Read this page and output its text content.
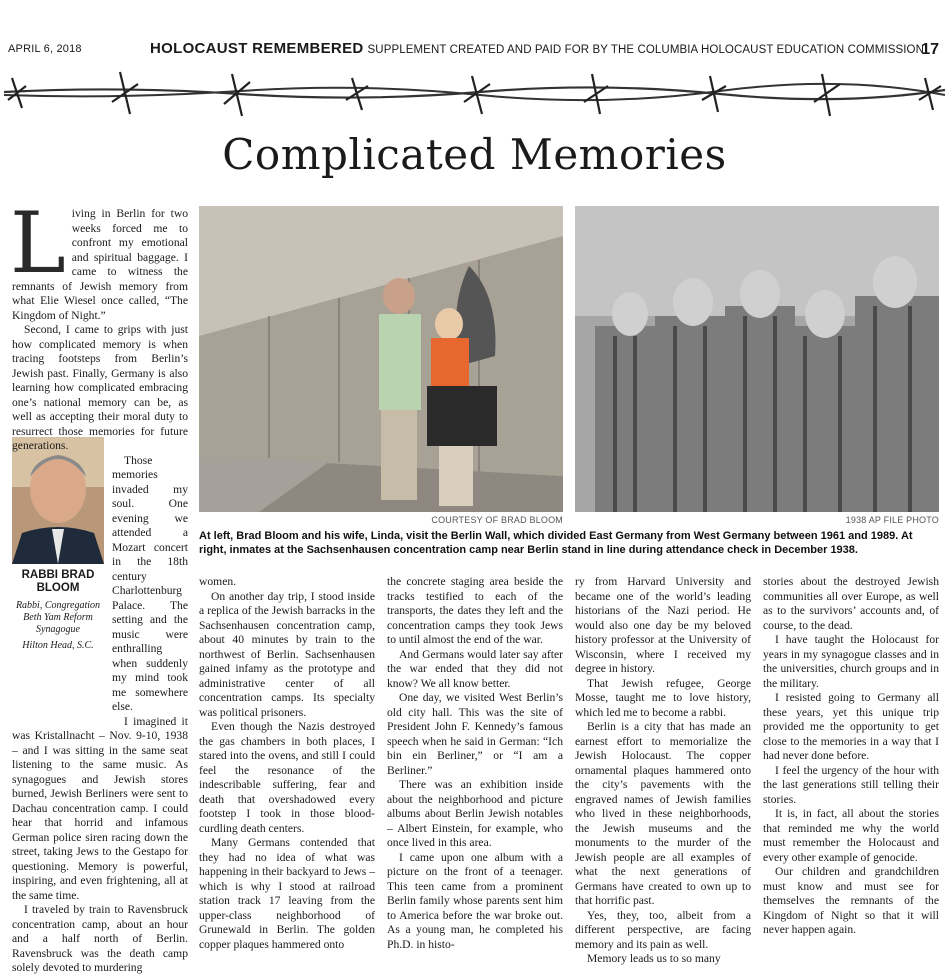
APRIL 6, 2018	HOLOCAUST REMEMBERED SUPPLEMENT CREATED AND PAID FOR BY THE COLUMBIA HOLOCAUST EDUCATION COMMISSION
17
Complicated Memories
COURTESY OF BRAD BLOOM	1938 AP FILE PHOTO
At left, Brad Bloom and his wife, Linda, visit the Berlin Wall, which divided East Germany from West Germany between 1961 and 1989. At right, inmates at the Sachsenhausen concentration camp near Berlin stand in line during attendance check in December 1938.
RABBI BRAD
BLOOM
Rabbi, Congregation Beth Yam Reform Synagogue
Hilton Head, S.C.

Living in Berlin for two weeks forced me to confront my emotional and spiritual baggage. I came to witness the remnants of Jewish memory from what Elie Wiesel once called, “The Kingdom of Night.”

Second, I came to grips with just how complicated memory is when tracing footsteps from Berlin’s Jewish past. Finally, Germany is also learning how complicated embracing one’s national memory can be, as well as accepting their moral duty to resurrect those memories for future generations.

Those memories invaded my soul. One evening we attended a Mozart concert in the 18th century Charlottenburg Palace. The setting and the music were enthralling when suddenly my mind took me somewhere else.

I imagined it was Kristallnacht – Nov. 9-10, 1938 – and I was sitting in the same seat listening to the same music. As synagogues and Jewish stores burned, Jewish Berliners were sent to Dachau concentration camp. I could hear that horrid and infamous German police siren racing down the street, taking Jews to the Gestapo for questioning. Memory is powerful, inspiring, and even frightening, all at the same time.

I traveled by train to Ravensbruck concentration camp, about an hour and a half north of Berlin. Ravensbruck was the death camp solely devoted to murdering

women.

On another day trip, I stood inside a replica of the Jewish barracks in the Sachsenhausen concentration camp, about 40 minutes by train to the northwest of Berlin. Sachsenhausen gained infamy as the prototype and administrative center of all concentration camps. Its specialty was political prisoners.

Even though the Nazis destroyed the gas chambers in both places, I stared into the ovens, and still I could feel the resonance of the indescribable suffering, fear and death that overshadowed every footstep I took in those blood-curdling death centers.

Many Germans contended that they had no idea of what was happening in their backyard to Jews – which is why I stood at railroad station track 17 leaving from the upper-class neighborhood of Grunewald in Berlin. The golden copper plaques hammered onto

the concrete staging area beside the tracks testified to each of the transports, the dates they left and the concentration camps they took Jews to until almost the end of the war.

And Germans would later say after the war ended that they did not know? We all know better.

One day, we visited West Berlin’s old city hall. This was the site of President John F. Kennedy’s famous speech when he said in German: “Ich bin ein Berliner,” or “I am a Berliner.”

There was an exhibition inside about the neighborhood and picture albums about Berlin Jewish notables – Albert Einstein, for example, who once lived in this area.

I came upon one album with a picture on the front of a teenager. This teen came from a prominent Berlin family whose parents sent him to America before the war broke out. As a young man, he completed his Ph.D. in histo-

ry from Harvard University and became one of the world’s leading historians of the Nazi period. He would also one day be my beloved history professor at the University of Wisconsin, where I received my degree in history.

That Jewish refugee, George Mosse, taught me to love history, which led me to become a rabbi.

Berlin is a city that has made an earnest effort to memorialize the Jewish Holocaust. The copper ornamental plaques hammered onto the city’s pavements with the engraved names of Jewish families who lived in these neighborhoods, the Jewish museums and the monuments to the murder of the Jewish people are all examples of what the next generations of Germans have created to own up to that horrific past.

Yes, they, too, albeit from a different perspective, are facing memory and its pain as well.

Memory leads us to so many

stories about the destroyed Jewish communities all over Europe, as well as to the survivors’ accounts and, of course, to the dead.

I have taught the Holocaust for years in my synagogue classes and in the universities, church groups and in the military.

I resisted going to Germany all these years, yet this unique trip provided me the opportunity to get close to the memories in a way that I had never done before.

I feel the urgency of the hour with the last generations still telling their stories.

It is, in fact, all about the stories that reminded me why the world must remember the Holocaust and every other example of genocide.

Our children and grandchildren must know and must see for themselves the remnants of the Kingdom of Night so that it will never happen again.
